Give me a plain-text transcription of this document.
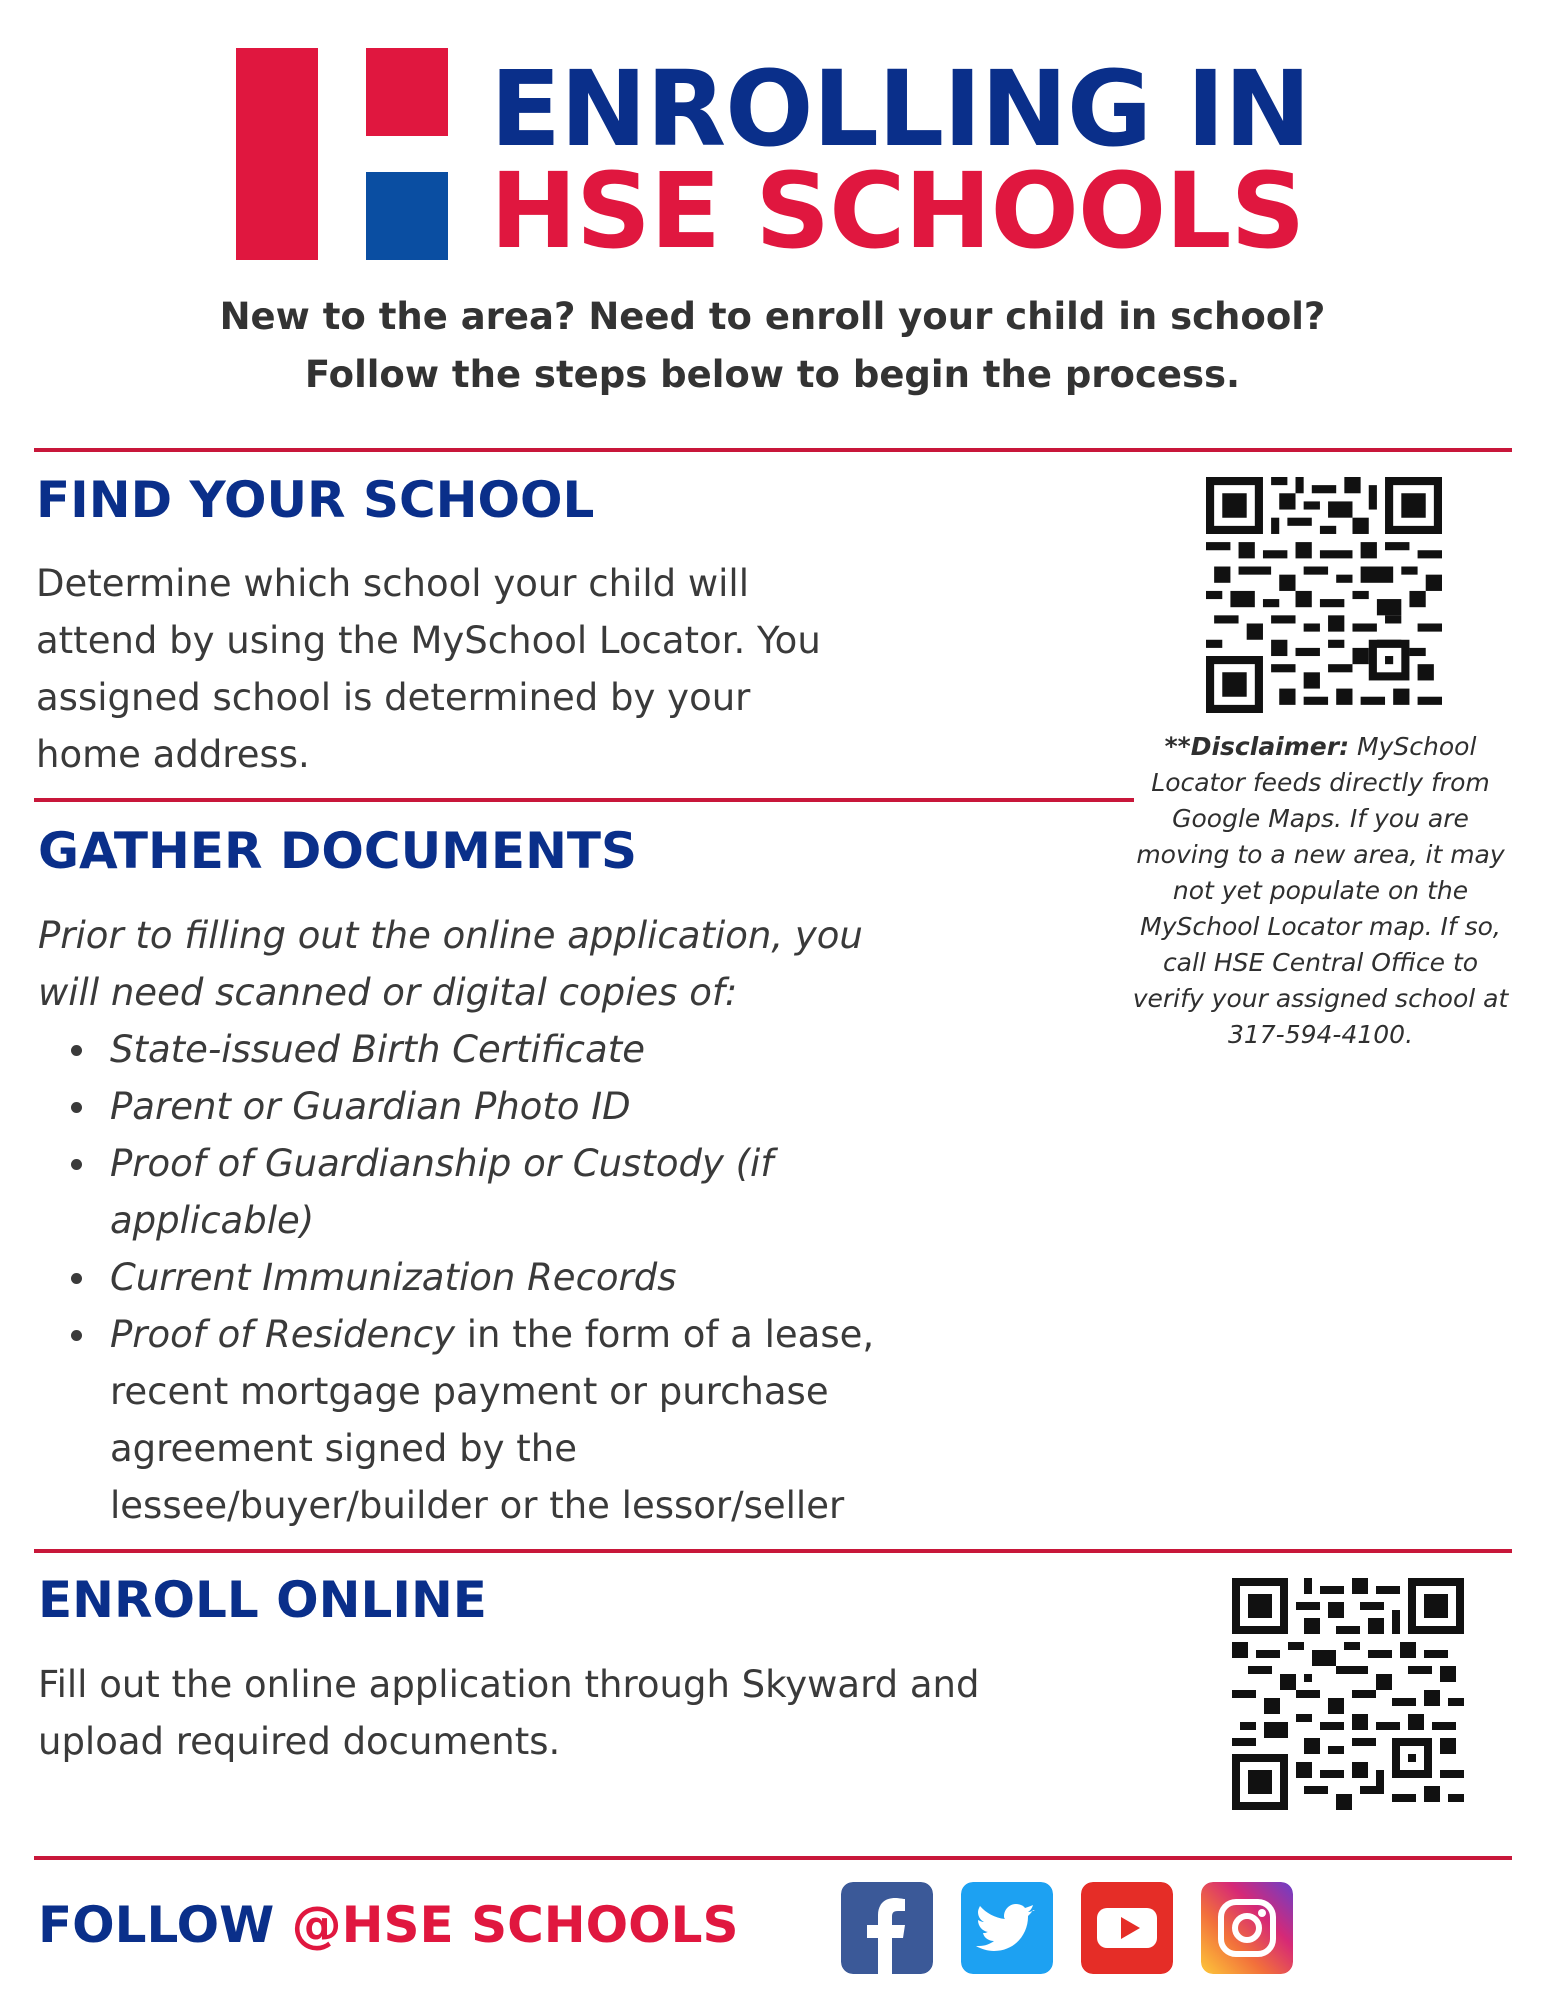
ENROLLING IN
HSE SCHOOLS
New to the area? Need to enroll your child in school?
Follow the steps below to begin the process.
FIND YOUR SCHOOL
Determine which school your child will
attend by using the MySchool Locator. You
assigned school is determined by your
home address.	**Disclaimer: MySchool
Locator feeds directly from
Google Maps. If you are
moving to a new area, it may
not yet populate on the
MySchool Locator map. If so,
call HSE Central Office to
verify your assigned school at
317-594-4100.
GATHER DOCUMENTS
Prior to filling out the online application, you
will need scanned or digital copies of:
State-issued Birth Certificate
Parent or Guardian Photo ID
Proof of Guardianship or Custody (if
applicable)
Current Immunization Records
Proof of Residency in the form of a lease,
recent mortgage payment or purchase
agreement signed by the
lessee/buyer/builder or the lessor/seller
ENROLL ONLINE
Fill out the online application through Skyward and
upload required documents.
FOLLOW @HSE SCHOOLS
